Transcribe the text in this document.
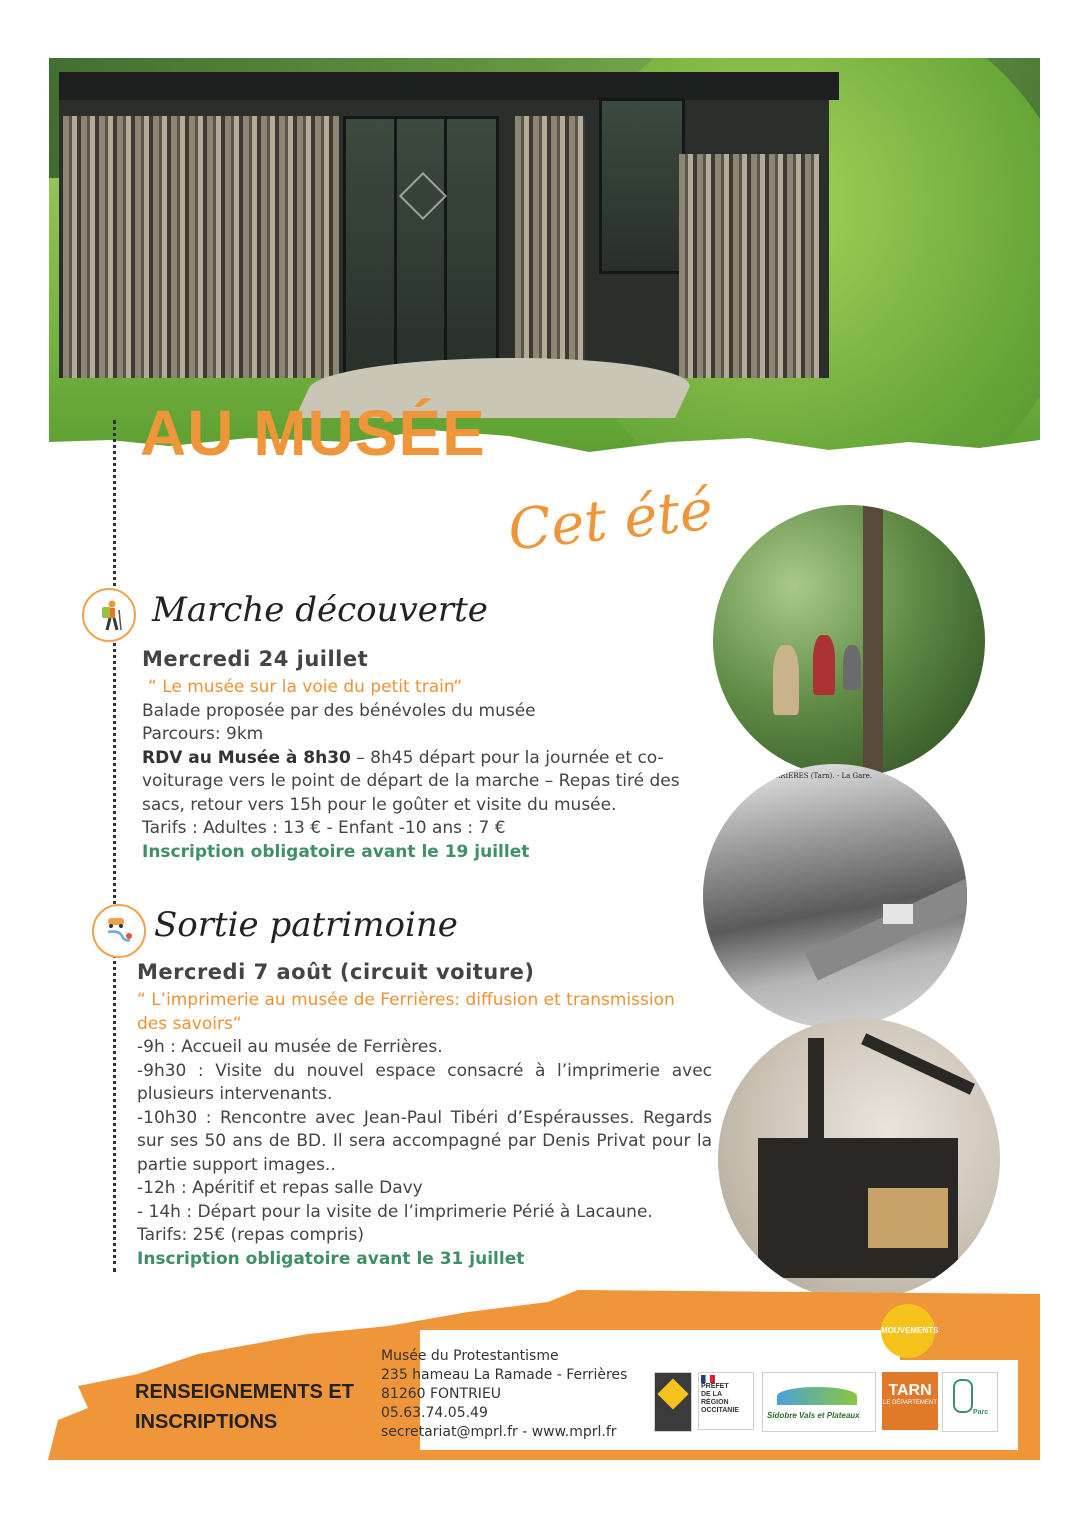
AU MUSÉE
Cet été
Marche découverte
Mercredi 24 juillet
“ Le musée sur la voie du petit train“
Balade proposée par des bénévoles du musée
Parcours: 9km
RDV au Musée à 8h30 – 8h45 départ pour la journée et co-
voiturage vers le point de départ de la marche – Repas tiré des
sacs, retour vers 15h pour le goûter et visite du musée.
Tarifs : Adultes : 13 € - Enfant -10 ans : 7 €
Inscription obligatoire avant le 19 juillet
Sortie patrimoine
Mercredi 7 août (circuit voiture)
“ L’imprimerie au musée de Ferrières: diffusion et transmission
des savoirs“
-9h : Accueil au musée de Ferrières.
-9h30 : Visite du nouvel espace consacré à l’imprimerie avec plusieurs intervenants.
-10h30 : Rencontre avec Jean-Paul Tibéri d’Espérausses. Regards sur ses 50 ans de BD. Il sera accompagné par Denis Privat pour la partie support images..
-12h : Apéritif et repas salle Davy
- 14h : Départ pour la visite de l’imprimerie Périé à Lacaune.
Tarifs: 25€ (repas compris)
Inscription obligatoire avant le 31 juillet
FERRIÈRES (Tarn). - La Gare.
MOUVEMENTS
RENSEIGNEMENTS ET
INSCRIPTIONS
Musée du Protestantisme
235 hameau La Ramade - Ferrières
81260 FONTRIEU
05.63.74.05.49
secretariat@mprl.fr - www.mprl.fr
PRÉFET
DE LA RÉGION
OCCITANIE
Sidobre Vals et Plateaux
TARN
LE DÉPARTEMENT
Parc
